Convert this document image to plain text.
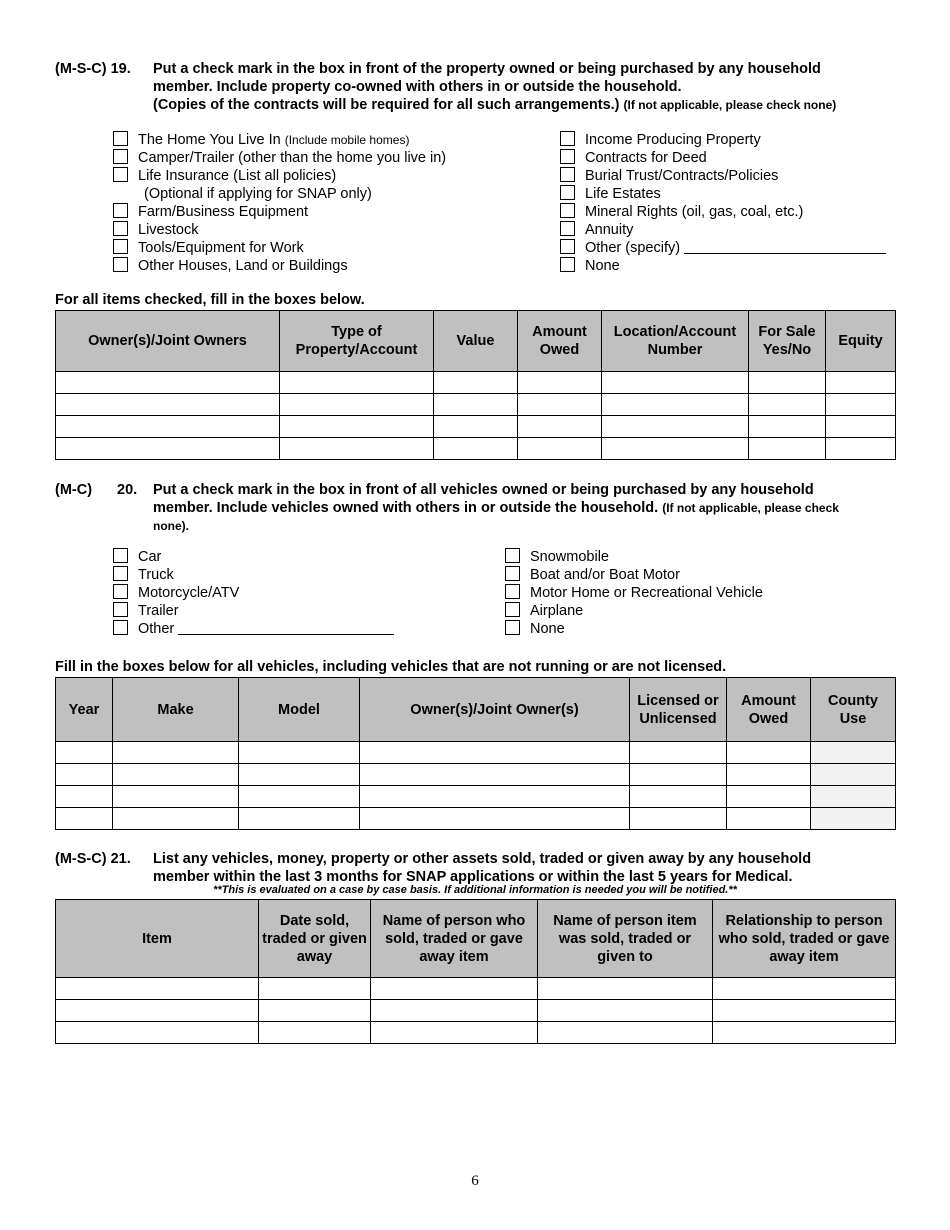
(M-S-C) 19. Put a check mark in the box in front of the property owned or being purchased by any household
member. Include property co-owned with others in or outside the household.
(Copies of the contracts will be required for all such arrangements.) (If not applicable, please check none)
The Home You Live In (Include mobile homes)
Camper/Trailer (other than the home you live in)
Life Insurance (List all policies)
(Optional if applying for SNAP only)
Farm/Business Equipment
Livestock
Tools/Equipment for Work
Other Houses, Land or Buildings
Income Producing Property
Contracts for Deed
Burial Trust/Contracts/Policies
Life Estates
Mineral Rights (oil, gas, coal, etc.)
Annuity
Other (specify)
None
For all items checked, fill in the boxes below.
Owner(s)/Joint Owners	Type of Property/Account	Value	Amount Owed	Location/Account Number	For Sale Yes/No	Equity

(M-C) 20. Put a check mark in the box in front of all vehicles owned or being purchased by any household
member. Include vehicles owned with others in or outside the household. (If not applicable, please check
none).
Car
Truck
Motorcycle/ATV
Trailer
Other
Snowmobile
Boat and/or Boat Motor
Motor Home or Recreational Vehicle
Airplane
None
Fill in the boxes below for all vehicles, including vehicles that are not running or are not licensed.
Year	Make	Model	Owner(s)/Joint Owner(s)	Licensed or Unlicensed	Amount Owed	County Use

(M-S-C) 21. List any vehicles, money, property or other assets sold, traded or given away by any household
member within the last 3 months for SNAP applications or within the last 5 years for Medical.
**This is evaluated on a case by case basis. If additional information is needed you will be notified.**
Item	Date sold, traded or given away	Name of person who sold, traded or gave away item	Name of person item was sold, traded or given to	Relationship to person who sold, traded or gave away item

6
